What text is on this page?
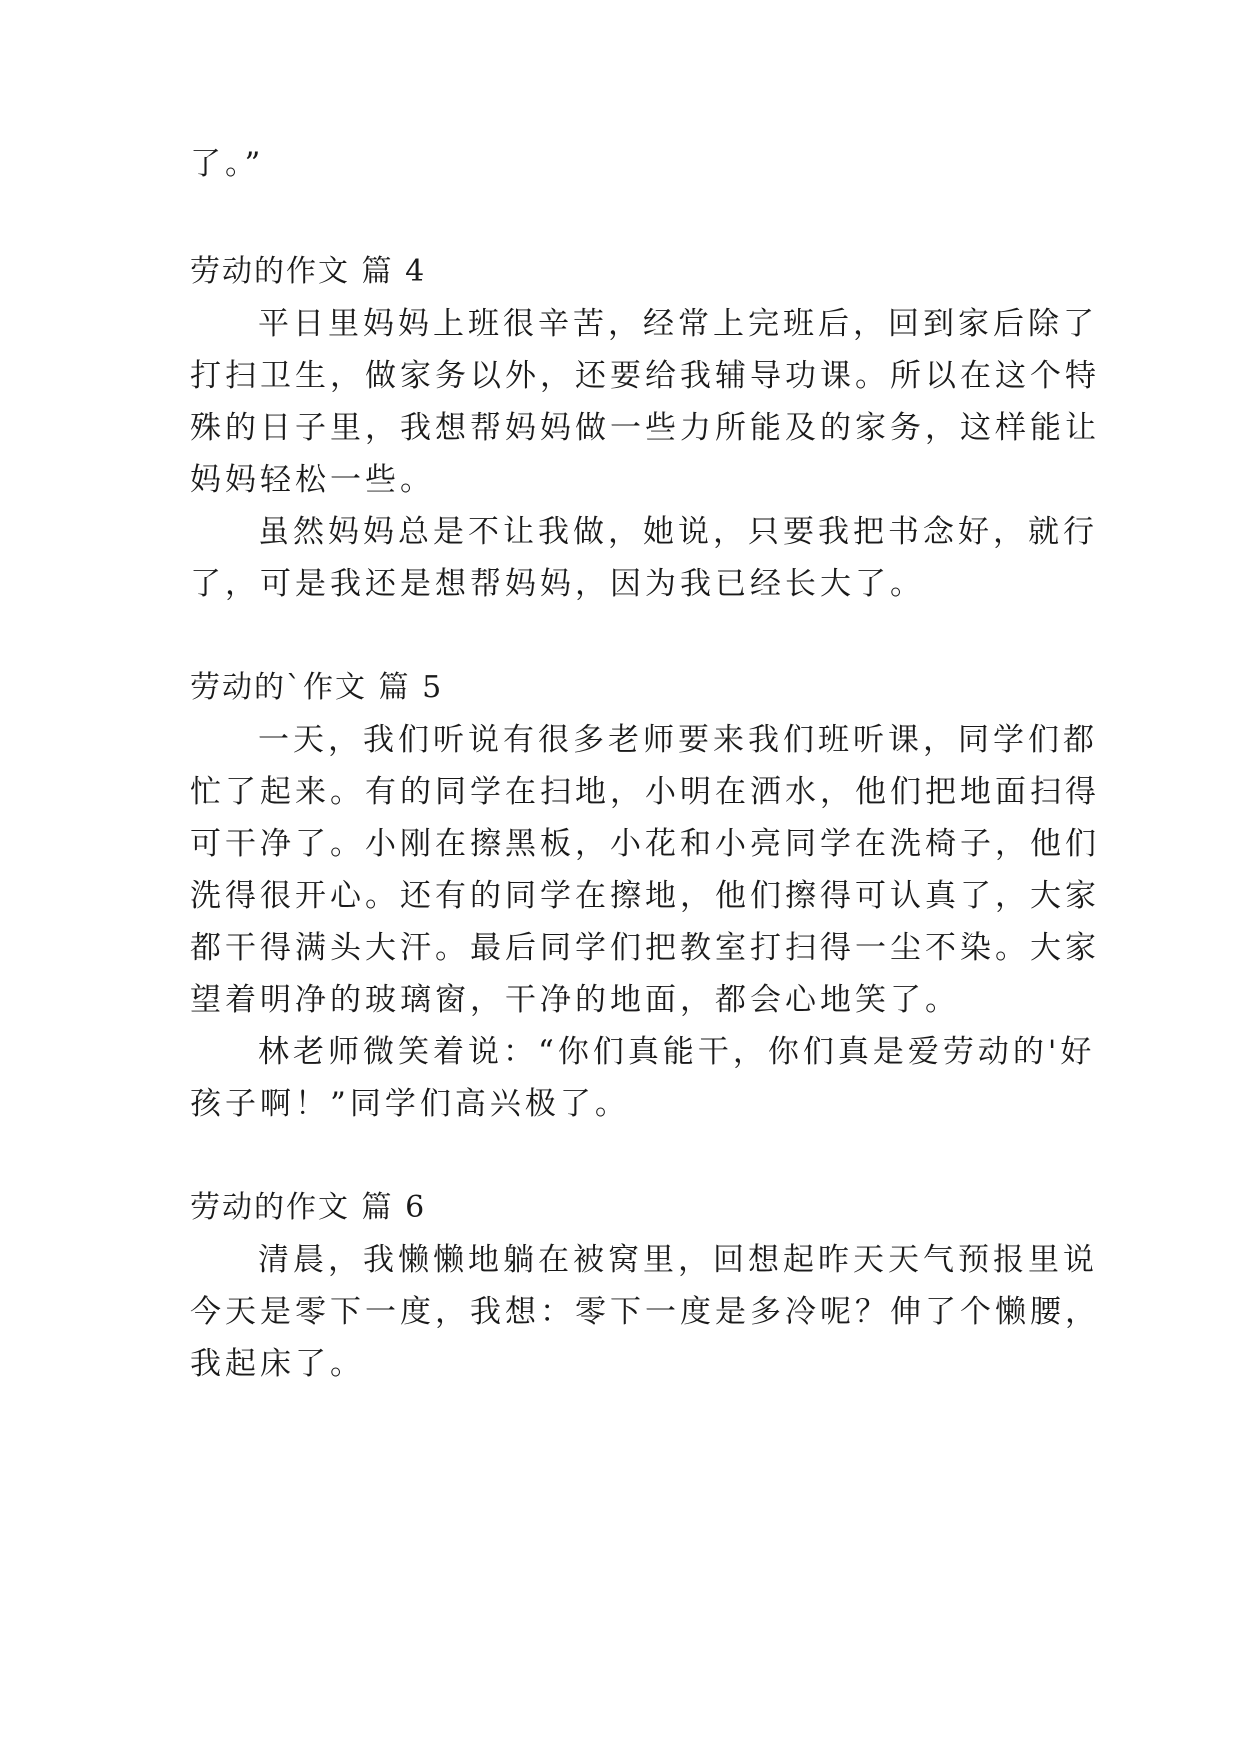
了。”
劳动的作文 篇 4
平日里妈妈上班很辛苦，经常上完班后，回到家后除了
打扫卫生，做家务以外，还要给我辅导功课。所以在这个特
殊的日子里，我想帮妈妈做一些力所能及的家务，这样能让
妈妈轻松一些。
虽然妈妈总是不让我做，她说，只要我把书念好，就行
了，可是我还是想帮妈妈，因为我已经长大了。
劳动的`作文 篇 5
一天，我们听说有很多老师要来我们班听课，同学们都
忙了起来。有的同学在扫地，小明在洒水，他们把地面扫得
可干净了。小刚在擦黑板，小花和小亮同学在洗椅子，他们
洗得很开心。还有的同学在擦地，他们擦得可认真了，大家
都干得满头大汗。最后同学们把教室打扫得一尘不染。大家
望着明净的玻璃窗，干净的地面，都会心地笑了。
林老师微笑着说：“你们真能干，你们真是爱劳动的'好
孩子啊！”同学们高兴极了。
劳动的作文 篇 6
清晨，我懒懒地躺在被窝里，回想起昨天天气预报里说
今天是零下一度，我想：零下一度是多冷呢？伸了个懒腰，
我起床了。
